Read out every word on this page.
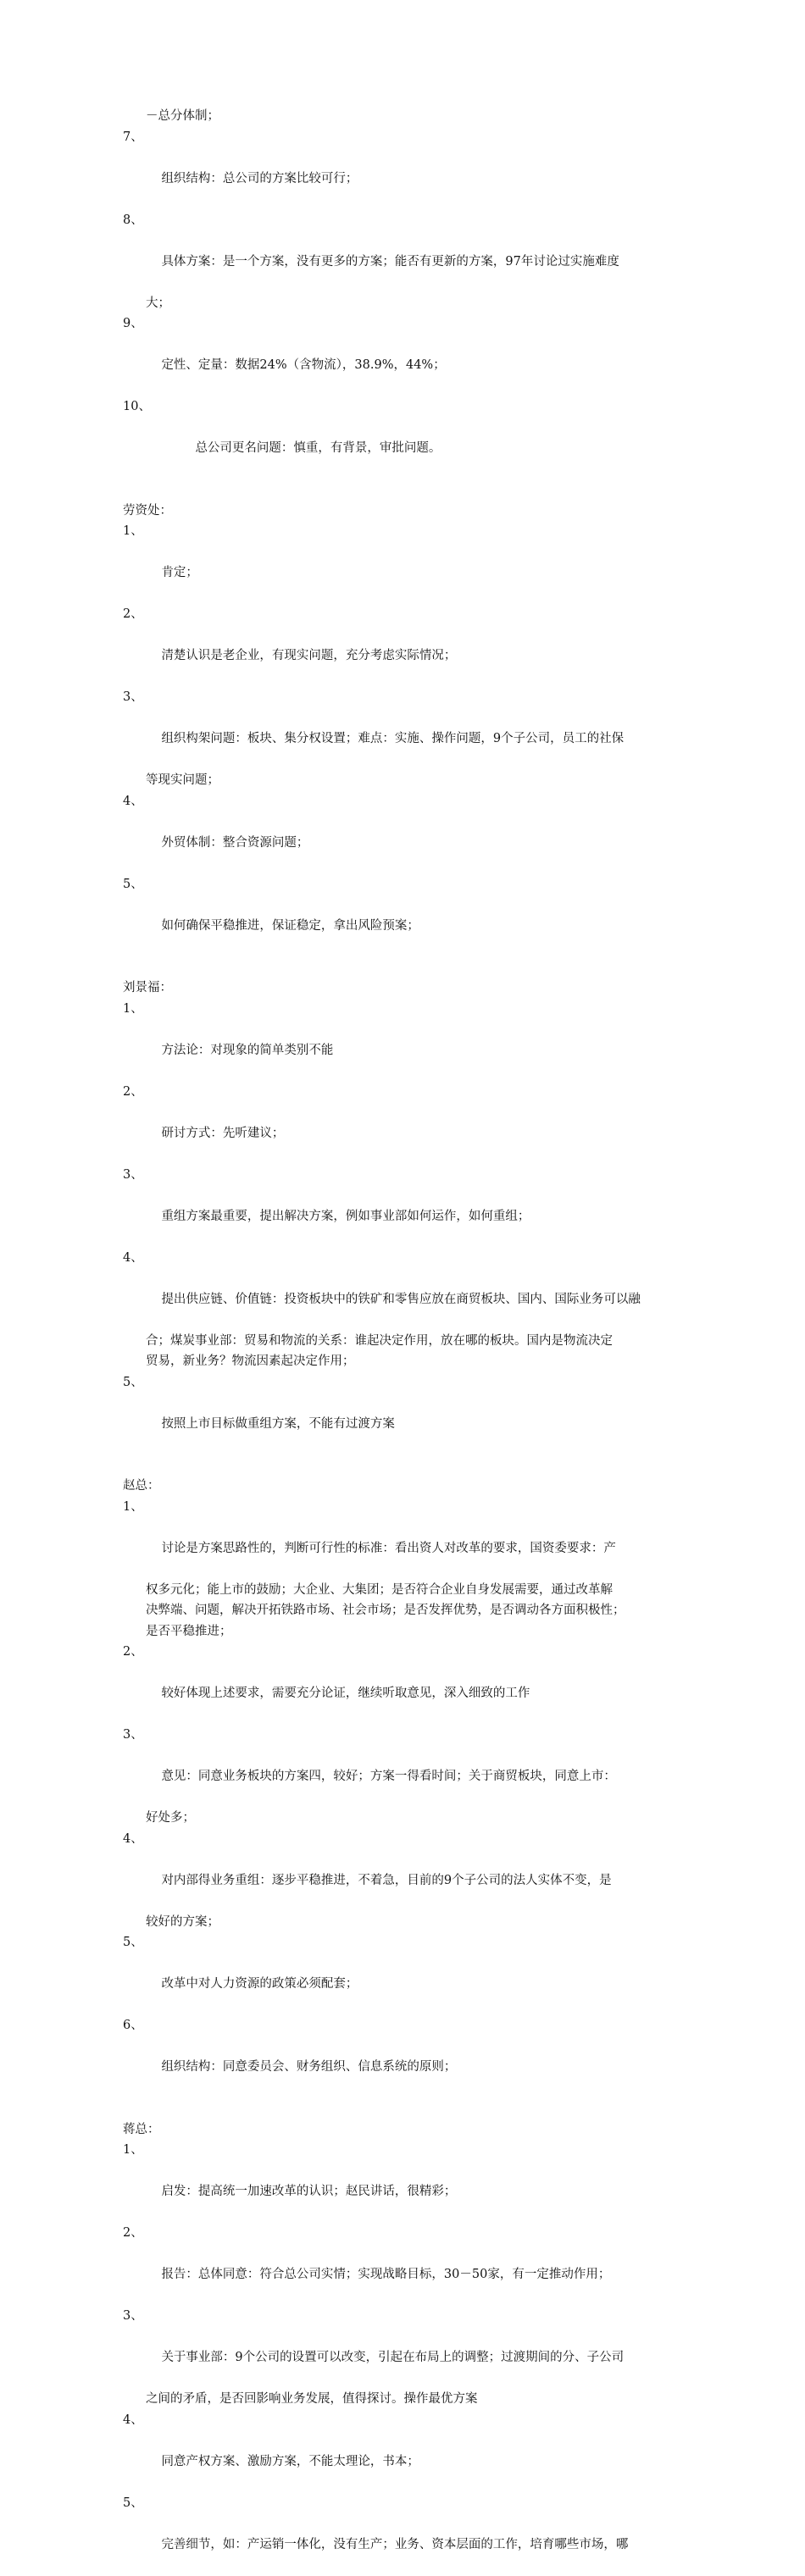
－总分体制；

7、

组织结构：总公司的方案比较可行；

8、

具体方案：是一个方案，没有更多的方案；能否有更新的方案，97年讨论过实施难度

大；

9、

定性、定量：数据24%（含物流），38.9%，44%；

10、

总公司更名问题：慎重，有背景，审批问题。

劳资处：

1、

肯定；

2、

清楚认识是老企业，有现实问题，充分考虑实际情况；

3、

组织构架问题：板块、集分权设置；难点：实施、操作问题，9个子公司，员工的社保

等现实问题；

4、

外贸体制：整合资源问题；

5、

如何确保平稳推进，保证稳定，拿出风险预案；

刘景福：

1、

方法论：对现象的简单类别不能

2、

研讨方式：先听建议；

3、

重组方案最重要，提出解决方案，例如事业部如何运作，如何重组；

4、

提出供应链、价值链：投资板块中的铁矿和零售应放在商贸板块、国内、国际业务可以融

合；煤炭事业部：贸易和物流的关系：谁起决定作用，放在哪的板块。国内是物流决定
贸易，新业务？物流因素起决定作用；

5、

按照上市目标做重组方案，不能有过渡方案

赵总：

1、

讨论是方案思路性的，判断可行性的标准：看出资人对改革的要求，国资委要求：产

权多元化；能上市的鼓励；大企业、大集团；是否符合企业自身发展需要，通过改革解
决弊端、问题，解决开拓铁路市场、社会市场；是否发挥优势，是否调动各方面积极性；
是否平稳推进；

2、

较好体现上述要求，需要充分论证，继续听取意见，深入细致的工作

3、

意见：同意业务板块的方案四，较好；方案一得看时间；关于商贸板块，同意上市：

好处多；

4、

对内部得业务重组：逐步平稳推进，不着急，目前的9个子公司的法人实体不变，是

较好的方案；

5、

改革中对人力资源的政策必须配套；

6、

组织结构：同意委员会、财务组织、信息系统的原则；

蒋总：

1、

启发：提高统一加速改革的认识；赵民讲话，很精彩；

2、

报告：总体同意：符合总公司实情；实现战略目标，30－50家，有一定推动作用；

3、

关于事业部：9个公司的设置可以改变，引起在布局上的调整；过渡期间的分、子公司

之间的矛盾，是否回影响业务发展，值得探讨。操作最优方案

4、

同意产权方案、激励方案，不能太理论，书本；

5、

完善细节，如：产运销一体化，没有生产；业务、资本层面的工作，培育哪些市场，哪
